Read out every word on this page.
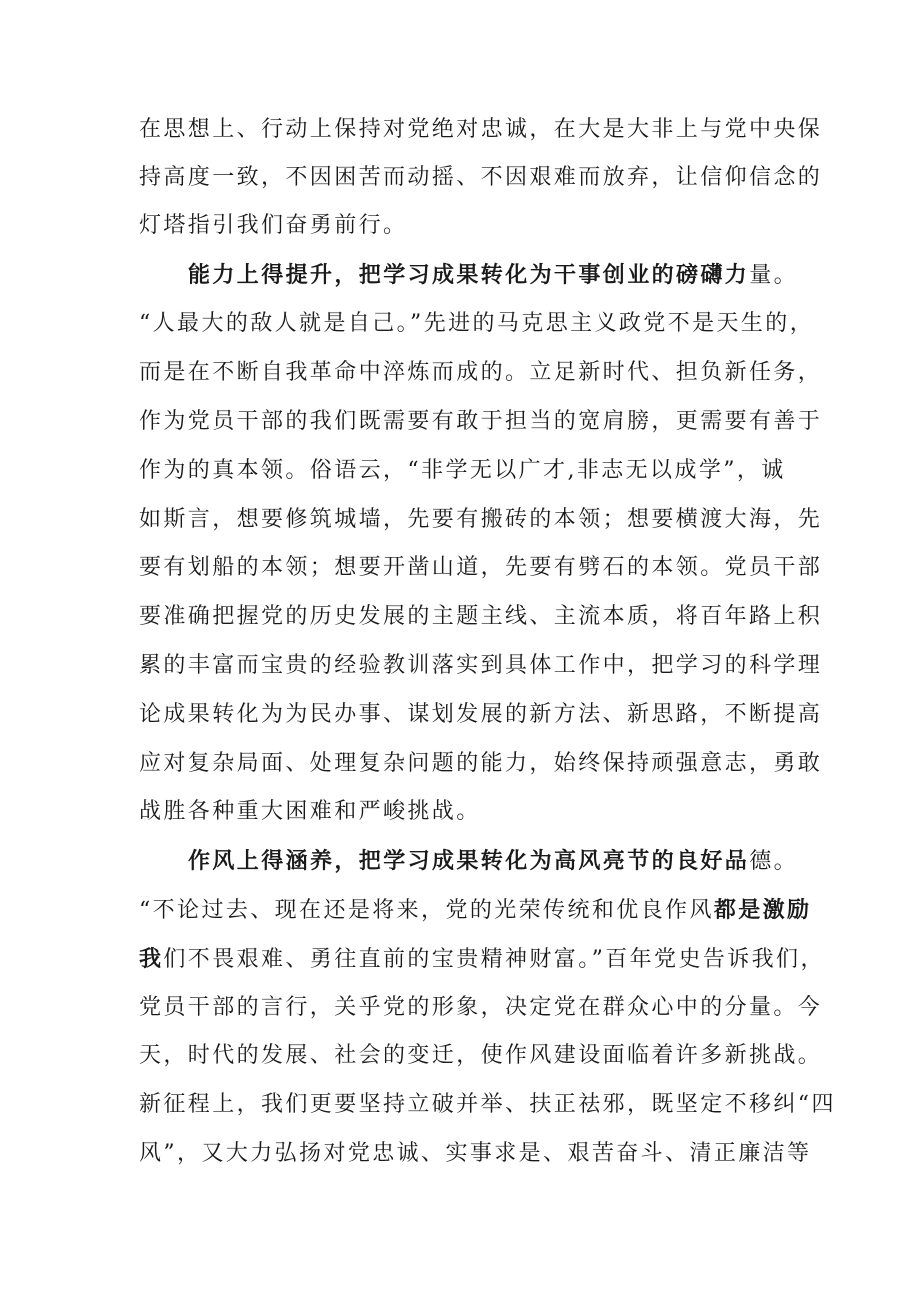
在思想上、行动上保持对党绝对忠诚，在大是大非上与党中央保
持高度一致，不因困苦而动摇、不因艰难而放弃，让信仰信念的
灯塔指引我们奋勇前行。
能力上得提升，把学习成果转化为干事创业的磅礴力量。
“人最大的敌人就是自己。”先进的马克思主义政党不是天生的，
而是在不断自我革命中淬炼而成的。立足新时代、担负新任务，
作为党员干部的我们既需要有敢于担当的宽肩膀，更需要有善于
作为的真本领。俗语云，“非学无以广才,非志无以成学”，诚
如斯言，想要修筑城墙，先要有搬砖的本领；想要横渡大海，先
要有划船的本领；想要开凿山道，先要有劈石的本领。党员干部
要准确把握党的历史发展的主题主线、主流本质，将百年路上积
累的丰富而宝贵的经验教训落实到具体工作中，把学习的科学理
论成果转化为为民办事、谋划发展的新方法、新思路，不断提高
应对复杂局面、处理复杂问题的能力，始终保持顽强意志，勇敢
战胜各种重大困难和严峻挑战。
作风上得涵养，把学习成果转化为高风亮节的良好品德。
“不论过去、现在还是将来，党的光荣传统和优良作风都是激励
我们不畏艰难、勇往直前的宝贵精神财富。”百年党史告诉我们，
党员干部的言行，关乎党的形象，决定党在群众心中的分量。今
天，时代的发展、社会的变迁，使作风建设面临着许多新挑战。
新征程上，我们更要坚持立破并举、扶正祛邪，既坚定不移纠“四
风”，又大力弘扬对党忠诚、实事求是、艰苦奋斗、清正廉洁等
